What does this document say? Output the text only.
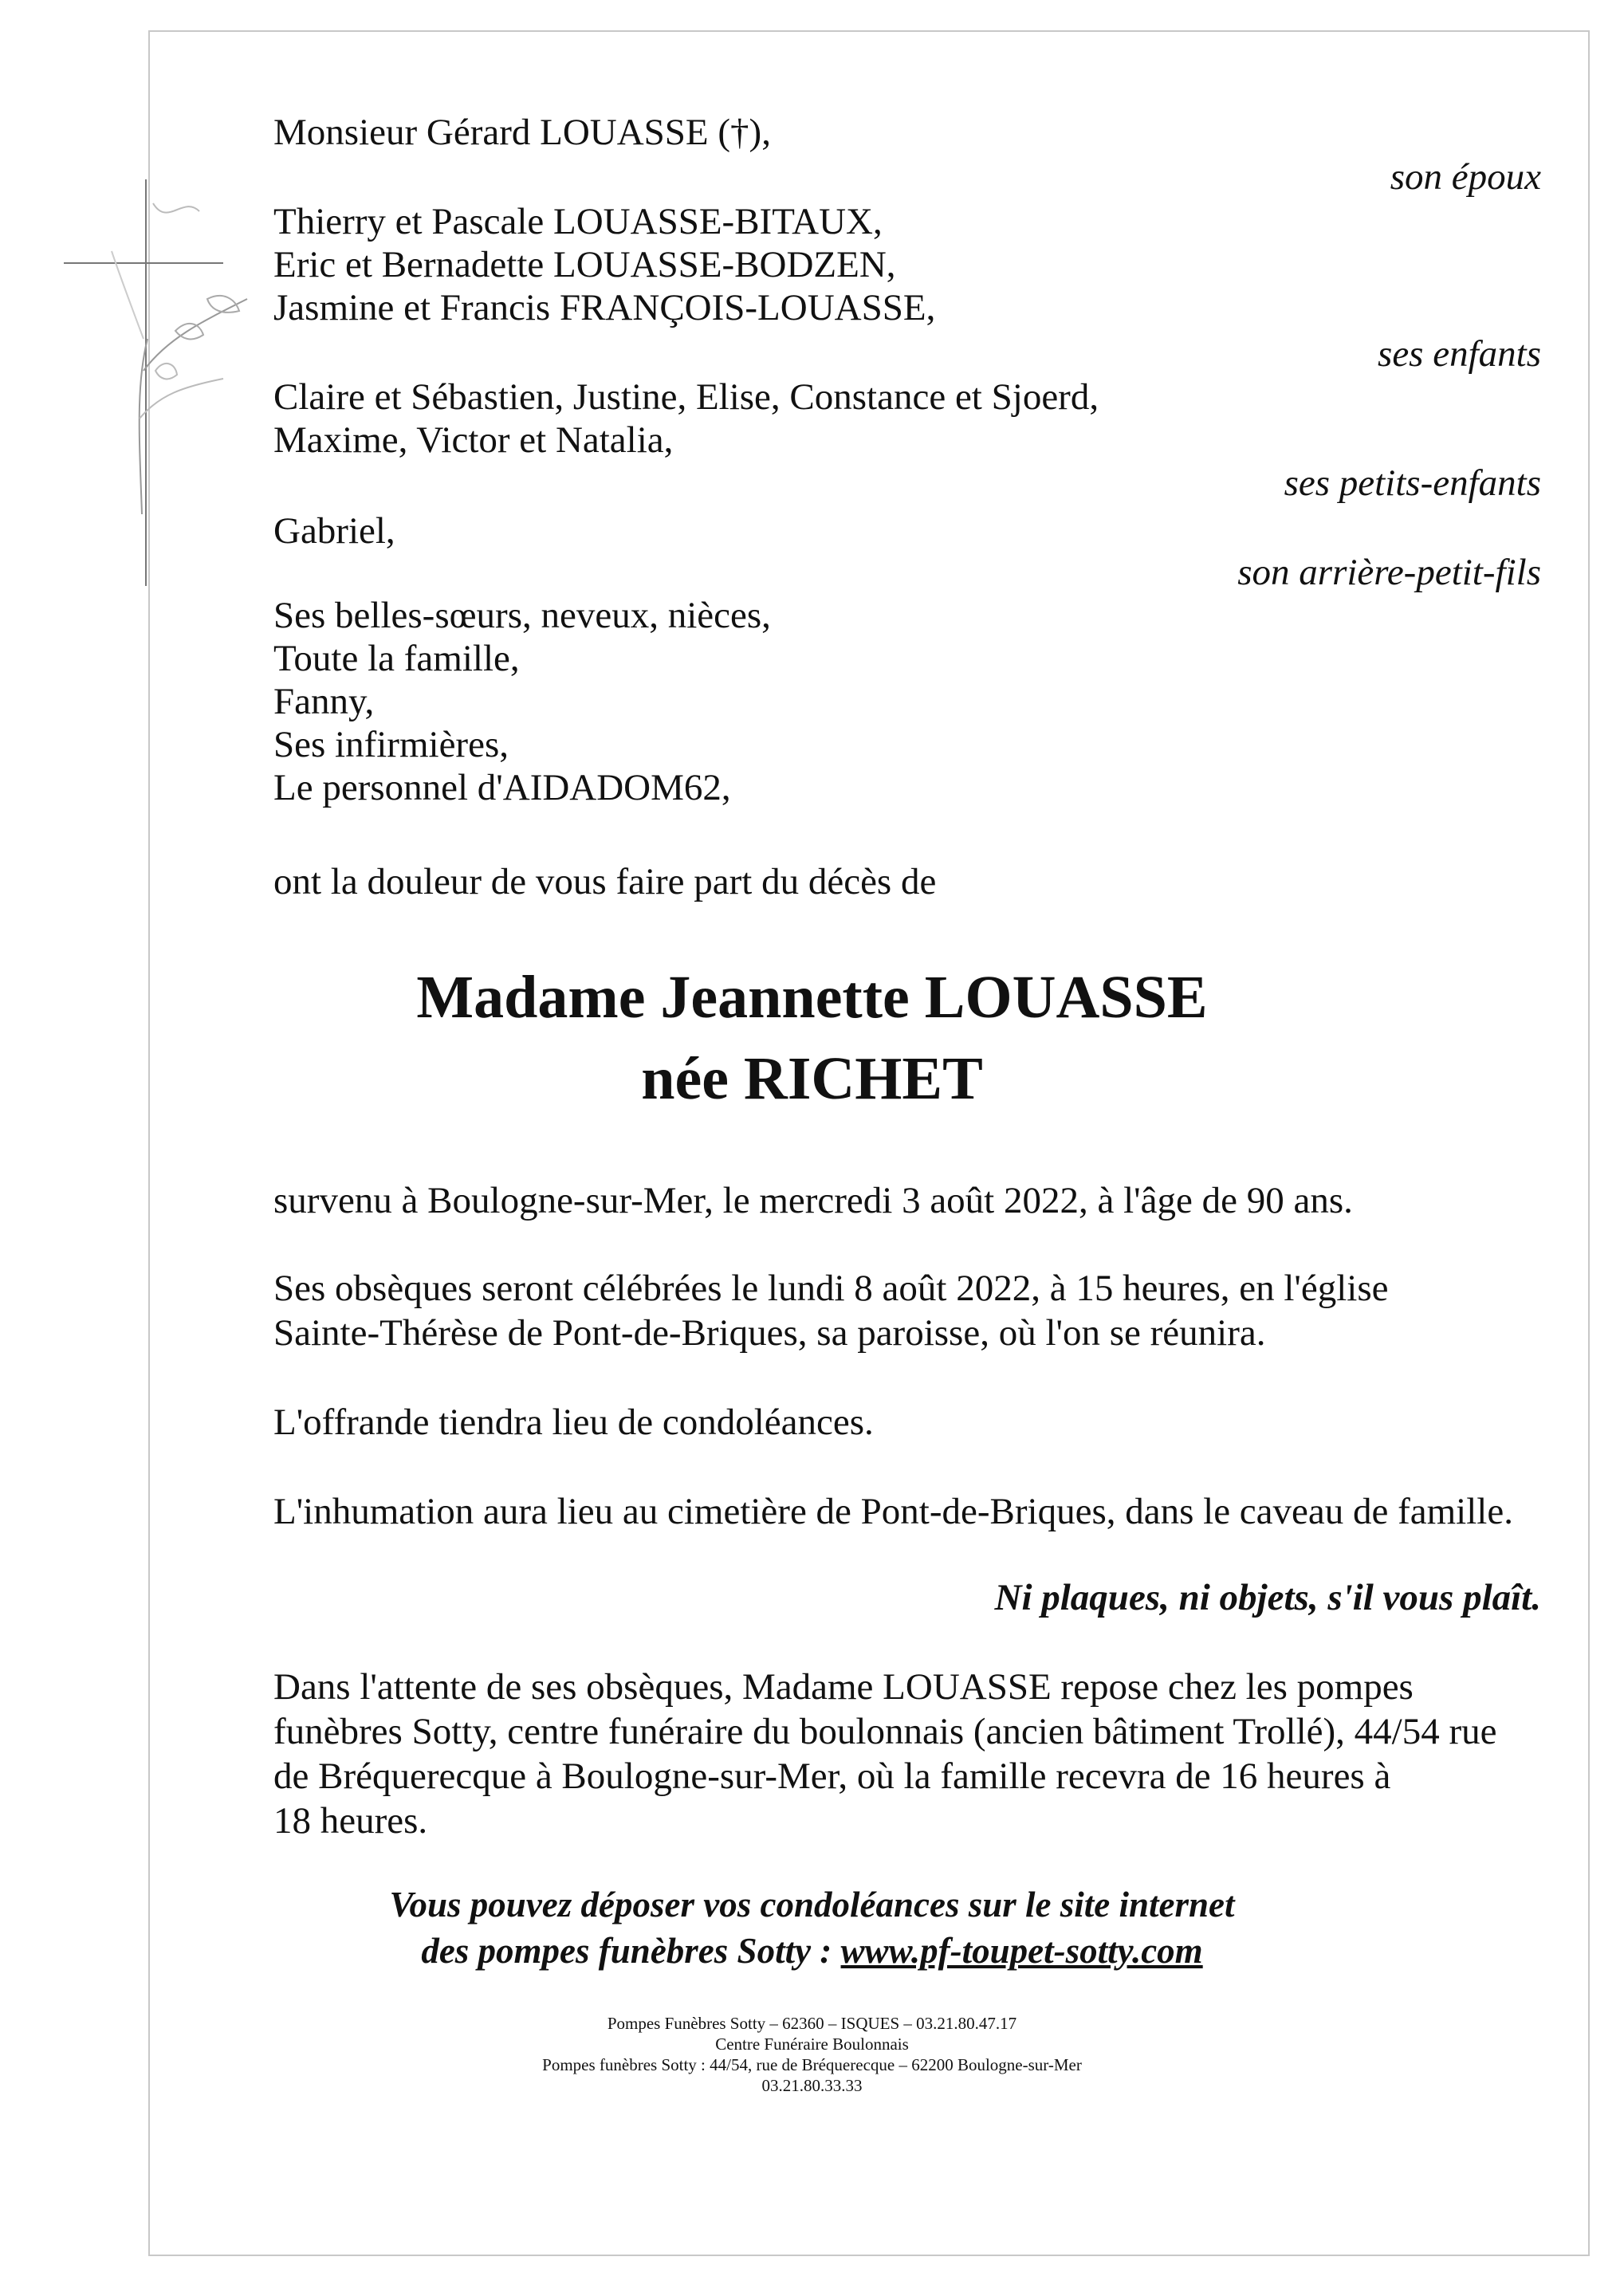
Monsieur Gérard LOUASSE (†),
son époux
Thierry et Pascale LOUASSE-BITAUX,
Eric et Bernadette LOUASSE-BODZEN,
Jasmine et Francis FRANÇOIS-LOUASSE,
ses enfants
Claire et Sébastien, Justine, Elise, Constance et Sjoerd,
Maxime, Victor et Natalia,
ses petits-enfants
Gabriel,
son arrière-petit-fils
Ses belles-sœurs, neveux, nièces,
Toute la famille,
Fanny,
Ses infirmières,
Le personnel d'AIDADOM62,
ont la douleur de vous faire part du décès de
Madame Jeannette LOUASSE
née RICHET
survenu à Boulogne-sur-Mer, le mercredi 3 août 2022, à l'âge de 90 ans.
Ses obsèques seront célébrées le lundi 8 août 2022, à 15 heures, en l'église
Sainte-Thérèse de Pont-de-Briques, sa paroisse, où l'on se réunira.
L'offrande tiendra lieu de condoléances.
L'inhumation aura lieu au cimetière de Pont-de-Briques, dans le caveau de famille.
Ni plaques, ni objets, s'il vous plaît.
Dans l'attente de ses obsèques, Madame LOUASSE repose chez les pompes
funèbres Sotty, centre funéraire du boulonnais (ancien bâtiment Trollé), 44/54 rue
de Bréquerecque à Boulogne-sur-Mer, où la famille recevra de 16 heures à
18 heures.
Vous pouvez déposer vos condoléances sur le site internet
des pompes funèbres Sotty : www.pf-toupet-sotty.com
Pompes Funèbres Sotty – 62360 – ISQUES – 03.21.80.47.17
Centre Funéraire Boulonnais
Pompes funèbres Sotty : 44/54, rue de Bréquerecque – 62200 Boulogne-sur-Mer
03.21.80.33.33
